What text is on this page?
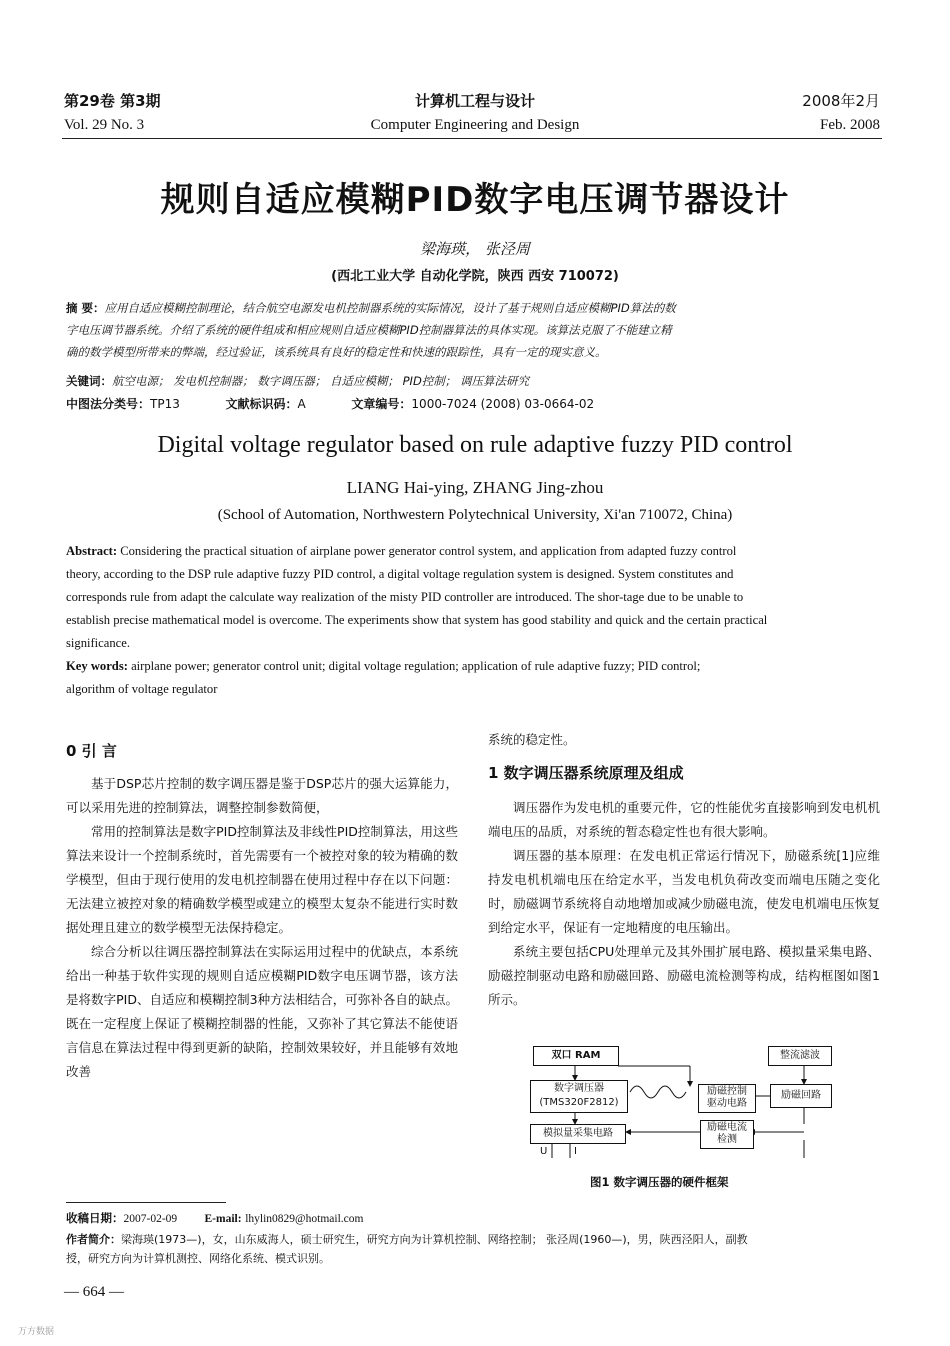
第29卷 第3期	计算机工程与设计	2008年2月
Vol. 29 No. 3	Computer Engineering and Design	Feb. 2008
规则自适应模糊PID数字电压调节器设计
梁海瑛， 张泾周
(西北工业大学 自动化学院，陕西 西安 710072)
摘 要：应用自适应模糊控制理论，结合航空电源发电机控制器系统的实际情况，设计了基于规则自适应模糊PID算法的数
字电压调节器系统。介绍了系统的硬件组成和相应规则自适应模糊PID控制器算法的具体实现。该算法克服了不能建立精
确的数学模型所带来的弊端，经过验证，该系统具有良好的稳定性和快速的跟踪性，具有一定的现实意义。
关键词：航空电源； 发电机控制器； 数字调压器； 自适应模糊； PID控制； 调压算法研究
中图法分类号：TP13	文献标识码：A	文章编号：1000-7024 (2008) 03-0664-02
Digital voltage regulator based on rule adaptive fuzzy PID control
LIANG Hai-ying, ZHANG Jing-zhou
(School of Automation, Northwestern Polytechnical University, Xi'an 710072, China)
Abstract: Considering the practical situation of airplane power generator control system, and application from adapted fuzzy control
theory, according to the DSP rule adaptive fuzzy PID control, a digital voltage regulation system is designed. System constitutes and
corresponds rule from adapt the calculate way realization of the misty PID controller are introduced. The shor-tage due to be unable to
establish precise mathematical model is overcome. The experiments show that system has good stability and quick and the certain practical
significance.
Key words: airplane power; generator control unit; digital voltage regulation; application of rule adaptive fuzzy; PID control;
algorithm of voltage regulator
0 引 言
基于DSP芯片控制的数字调压器是鉴于DSP芯片的强大运算能力，可以采用先进的控制算法，调整控制参数简便，
常用的控制算法是数字PID控制算法及非线性PID控制算法，用这些算法来设计一个控制系统时，首先需要有一个被控对象的较为精确的数学模型，但由于现行使用的发电机控制器在使用过程中存在以下问题：无法建立被控对象的精确数学模型或建立的模型太复杂不能进行实时数据处理且建立的数学模型无法保持稳定。
综合分析以往调压器控制算法在实际运用过程中的优缺点，本系统给出一种基于软件实现的规则自适应模糊PID数字电压调节器，该方法是将数字PID、自适应和模糊控制3种方法相结合，可弥补各自的缺点。既在一定程度上保证了模糊控制器的性能，又弥补了其它算法不能使语言信息在算法过程中得到更新的缺陷，控制效果较好，并且能够有效地改善
系统的稳定性。
1 数字调压器系统原理及组成
调压器作为发电机的重要元件，它的性能优劣直接影响到发电机机端电压的品质，对系统的暂态稳定性也有很大影响。
调压器的基本原理：在发电机正常运行情况下，励磁系统[1]应维持发电机机端电压在给定水平，当发电机负荷改变而端电压随之变化时，励磁调节系统将自动地增加或减少励磁电流，使发电机端电压恢复到给定水平，保证有一定地精度的电压输出。
系统主要包括CPU处理单元及其外围扩展电路、模拟量采集电路、励磁控制驱动电路和励磁回路、励磁电流检测等构成，结构框图如图1所示。
双口 RAM
数字调压器
(TMS320F2812)
模拟量采集电路
励磁控制
驱动电路
整流滤波
励磁回路
励磁电流
检测
U	I
图1 数字调压器的硬件框架
收稿日期：2007-02-09 E-mail: lhylin0829@hotmail.com
作者简介：梁海瑛(1973—)，女，山东威海人，硕士研究生，研究方向为计算机控制、网络控制； 张泾周(1960—)，男，陕西泾阳人，副教
授，研究方向为计算机测控、网络化系统、模式识别。
— 664 —
万方数据
